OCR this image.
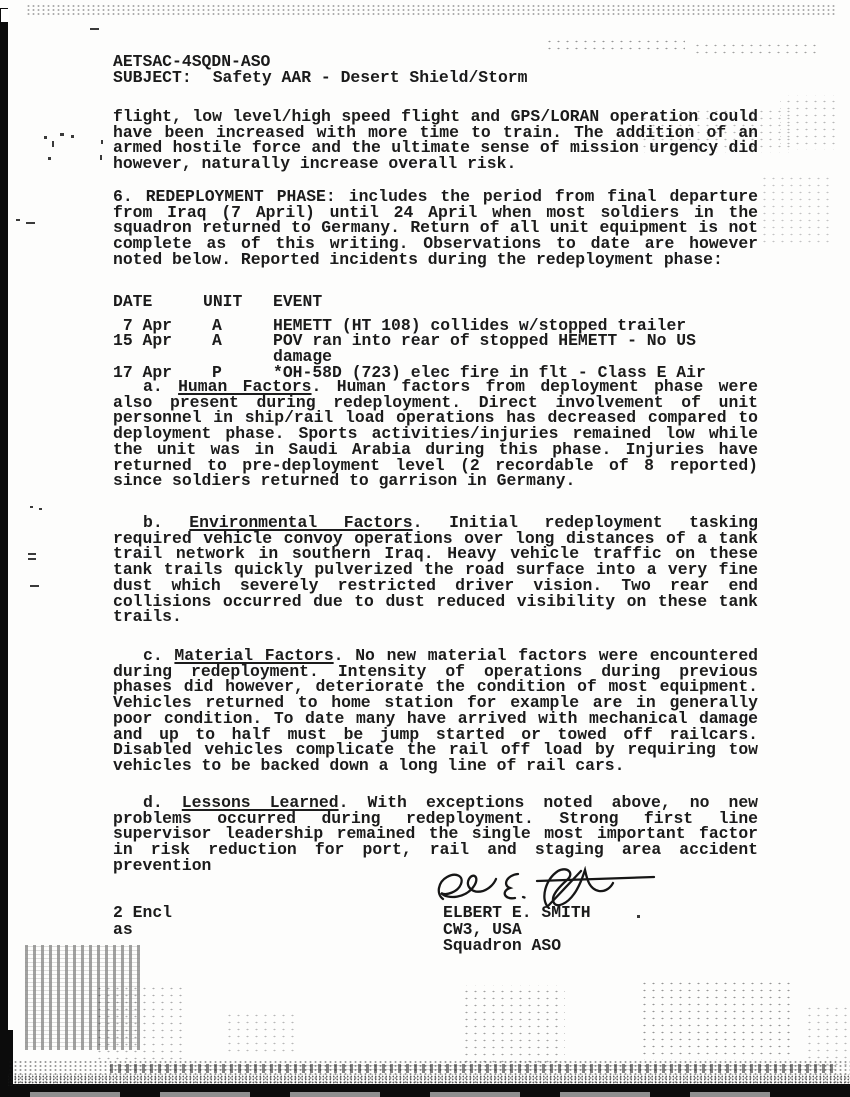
AETSAC-4SQDN-ASO
SUBJECT: Safety AAR - Desert Shield/Storm

flight, low level/high speed flight and GPS/LORAN operation could have been increased with more time to train. The addition of an armed hostile force and the ultimate sense of mission urgency did however, naturally increase overall risk.

6. REDEPLOYMENT PHASE: includes the period from final departure from Iraq (7 April) until 24 April when most soldiers in the squadron returned to Germany. Return of all unit equipment is not complete as of this writing. Observations to date are however noted below. Reported incidents during the redeployment phase:

DATE	UNIT	EVENT
7 Apr	A	HEMETT (HT 108) collides w/stopped trailer
15 Apr	A	POV ran into rear of stopped HEMETT - No US damage
17 Apr	P	*OH-58D (723) elec fire in flt - Class E Air

a. Human Factors. Human factors from deployment phase were also present during redeployment. Direct involvement of unit personnel in ship/rail load operations has decreased compared to deployment phase. Sports activities/injuries remained low while the unit was in Saudi Arabia during this phase. Injuries have returned to pre-deployment level (2 recordable of 8 reported) since soldiers returned to garrison in Germany.

b. Environmental Factors. Initial redeployment tasking required vehicle convoy operations over long distances of a tank trail network in southern Iraq. Heavy vehicle traffic on these tank trails quickly pulverized the road surface into a very fine dust which severely restricted driver vision. Two rear end collisions occurred due to dust reduced visibility on these tank trails.

c. Material Factors. No new material factors were encountered during redeployment. Intensity of operations during previous phases did however, deteriorate the condition of most equipment. Vehicles returned to home station for example are in generally poor condition. To date many have arrived with mechanical damage and up to half must be jump started or towed off railcars. Disabled vehicles complicate the rail off load by requiring tow vehicles to be backed down a long line of rail cars.

d. Lessons Learned. With exceptions noted above, no new problems occurred during redeployment. Strong first line supervisor leadership remained the single most important factor in risk reduction for port, rail and staging area accident prevention

2 Encl
as
ELBERT E. SMITH
CW3, USA
Squadron ASO
